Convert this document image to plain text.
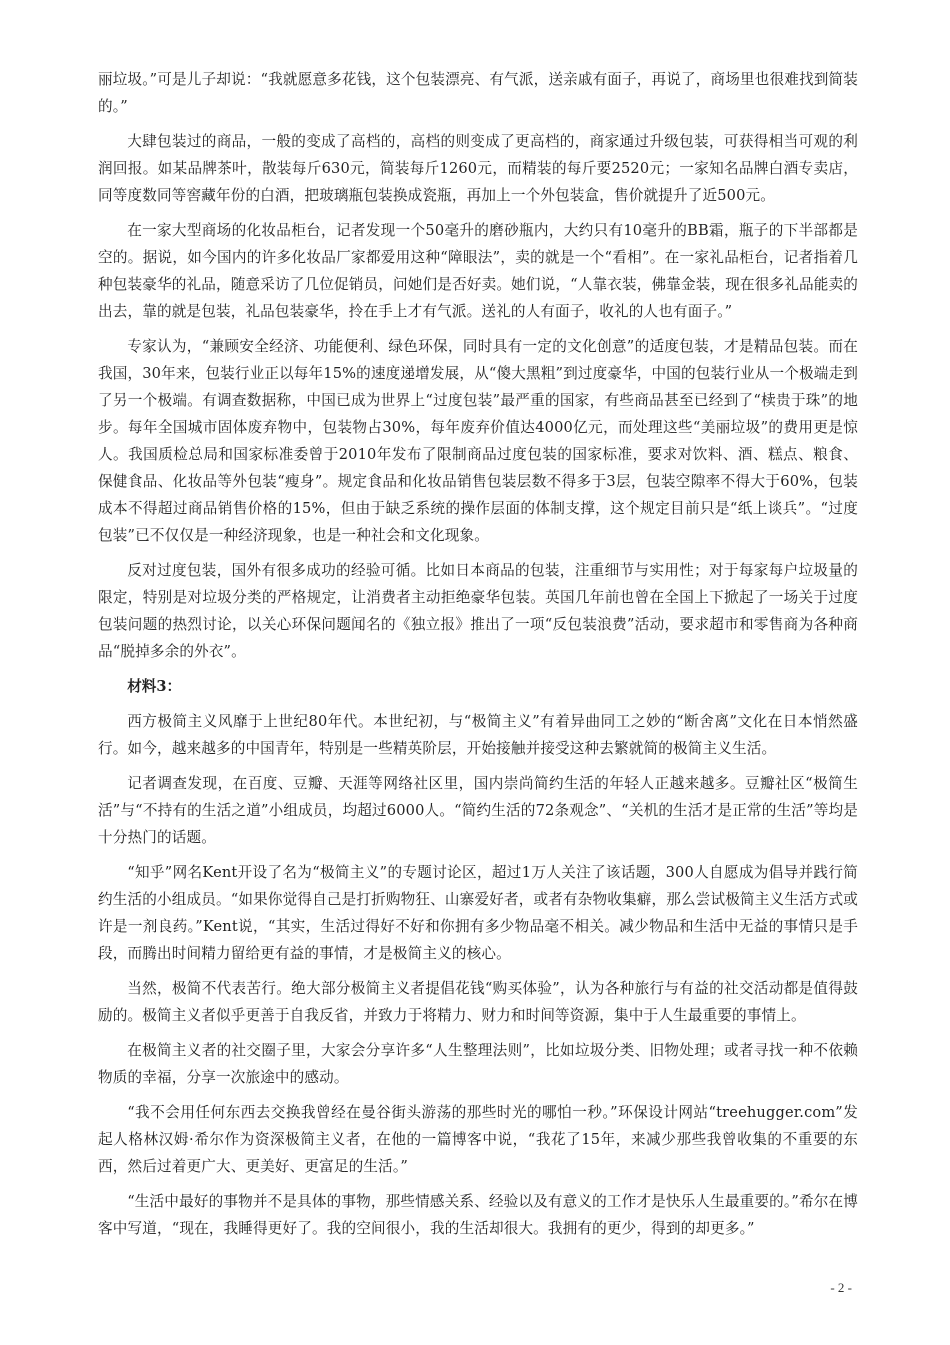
丽垃圾。”可是儿子却说：“我就愿意多花钱，这个包装漂亮、有气派，送亲戚有面子，再说了，商场里也很难找到简装的。”

大肆包装过的商品，一般的变成了高档的，高档的则变成了更高档的，商家通过升级包装，可获得相当可观的利润回报。如某品牌茶叶，散装每斤630元，简装每斤1260元，而精装的每斤要2520元；一家知名品牌白酒专卖店，同等度数同等窖藏年份的白酒，把玻璃瓶包装换成瓷瓶，再加上一个外包装盒，售价就提升了近500元。

在一家大型商场的化妆品柜台，记者发现一个50毫升的磨砂瓶内，大约只有10毫升的BB霜，瓶子的下半部都是空的。据说，如今国内的许多化妆品厂家都爱用这种“障眼法”，卖的就是一个“看相”。在一家礼品柜台，记者指着几种包装豪华的礼品，随意采访了几位促销员，问她们是否好卖。她们说，“人靠衣装，佛靠金装，现在很多礼品能卖的出去，靠的就是包装，礼品包装豪华，拎在手上才有气派。送礼的人有面子，收礼的人也有面子。”

专家认为，“兼顾安全经济、功能便利、绿色环保，同时具有一定的文化创意”的适度包装，才是精品包装。而在我国，30年来，包装行业正以每年15%的速度递增发展，从“傻大黑粗”到过度豪华，中国的包装行业从一个极端走到了另一个极端。有调查数据称，中国已成为世界上“过度包装”最严重的国家，有些商品甚至已经到了“椟贵于珠”的地步。每年全国城市固体废弃物中，包装物占30%，每年废弃价值达4000亿元，而处理这些“美丽垃圾”的费用更是惊人。我国质检总局和国家标准委曾于2010年发布了限制商品过度包装的国家标准，要求对饮料、酒、糕点、粮食、保健食品、化妆品等外包装“瘦身”。规定食品和化妆品销售包装层数不得多于3层，包装空隙率不得大于60%，包装成本不得超过商品销售价格的15%，但由于缺乏系统的操作层面的体制支撑，这个规定目前只是“纸上谈兵”。“过度包装”已不仅仅是一种经济现象，也是一种社会和文化现象。

反对过度包装，国外有很多成功的经验可循。比如日本商品的包装，注重细节与实用性；对于每家每户垃圾量的限定，特别是对垃圾分类的严格规定，让消费者主动拒绝豪华包装。英国几年前也曾在全国上下掀起了一场关于过度包装问题的热烈讨论，以关心环保问题闻名的《独立报》推出了一项“反包装浪费”活动，要求超市和零售商为各种商品“脱掉多余的外衣”。

材料3：

西方极简主义风靡于上世纪80年代。本世纪初，与“极简主义”有着异曲同工之妙的“断舍离”文化在日本悄然盛行。如今，越来越多的中国青年，特别是一些精英阶层，开始接触并接受这种去繁就简的极简主义生活。

记者调查发现，在百度、豆瓣、天涯等网络社区里，国内崇尚简约生活的年轻人正越来越多。豆瓣社区“极简生活”与“不持有的生活之道”小组成员，均超过6000人。“简约生活的72条观念”、“关机的生活才是正常的生活”等均是十分热门的话题。

“知乎”网名Kent开设了名为“极简主义”的专题讨论区，超过1万人关注了该话题，300人自愿成为倡导并践行简约生活的小组成员。“如果你觉得自己是打折购物狂、山寨爱好者，或者有杂物收集癖，那么尝试极简主义生活方式或许是一剂良药。”Kent说，“其实，生活过得好不好和你拥有多少物品毫不相关。减少物品和生活中无益的事情只是手段，而腾出时间精力留给更有益的事情，才是极简主义的核心。

当然，极简不代表苦行。绝大部分极简主义者提倡花钱“购买体验”，认为各种旅行与有益的社交活动都是值得鼓励的。极简主义者似乎更善于自我反省，并致力于将精力、财力和时间等资源，集中于人生最重要的事情上。

在极简主义者的社交圈子里，大家会分享许多“人生整理法则”，比如垃圾分类、旧物处理；或者寻找一种不依赖物质的幸福，分享一次旅途中的感动。

“我不会用任何东西去交换我曾经在曼谷街头游荡的那些时光的哪怕一秒。”环保设计网站“treehugger.com”发起人格林汉姆·希尔作为资深极简主义者，在他的一篇博客中说，“我花了15年，来减少那些我曾收集的不重要的东西，然后过着更广大、更美好、更富足的生活。”

“生活中最好的事物并不是具体的事物，那些情感关系、经验以及有意义的工作才是快乐人生最重要的。”希尔在博客中写道，“现在，我睡得更好了。我的空间很小，我的生活却很大。我拥有的更少，得到的却更多。”

- 2 -
